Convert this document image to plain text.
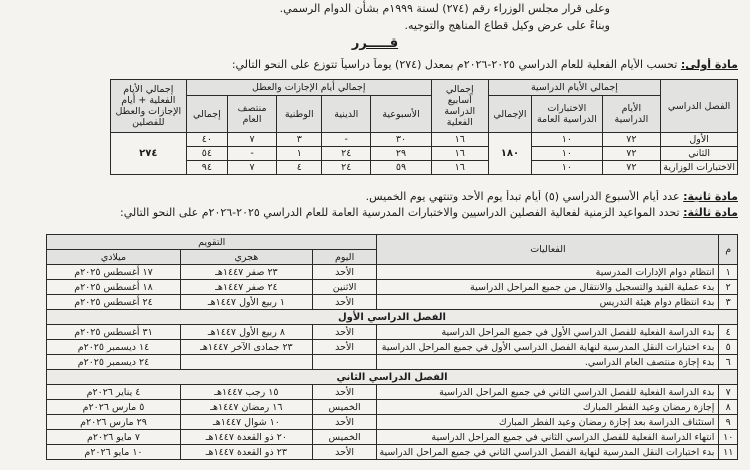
وعلى قرار مجلس الوزراء رقم (٢٧٤) لسنة ١٩٩٩م بشأن الدوام الرسمي.
وبناءً على عرض وكيل قطاع المناهج والتوجيه.
قـــــرر
مادة أولى: تحسب الأيام الفعلية للعام الدراسي ٢٠٢٥-٢٠٢٦م بمعدل (٢٧٤) يوماً دراسياً تتوزع على النحو التالي:
الفصل الدراسي	إجمالي الأيام الدراسية			إجمالي أسابيع الدراسة الفعلية	إجمالي أيام الإجازات والعطل					إجمالي الأيام الفعلية + أيام الإجازات والعطل للفصلين
	الأيام الدراسية	الاختبارات الدراسية العامة	الإجمالي		الأسبوعية	الدينية	الوطنية	منتصف العام	إجمالي	
الأول	٧٢	١٠	١٨٠	١٦	٣٠	-	٣	٧	٤٠	٢٧٤
الثاني	٧٢	١٠		١٦	٢٩	٢٤	١	-	٥٤	
الاختبارات الوزارية	٧٢	١٠		١٦	٥٩	٢٤	٤	٧	٩٤	
مادة ثانية: عدد أيام الأسبوع الدراسي (٥) أيام تبدأ يوم الأحد وتنتهي يوم الخميس.
مادة ثالثة: تحدد المواعيد الزمنية لفعالية الفصلين الدراسيين والاختبارات المدرسية العامة للعام الدراسي ٢٠٢٥-٢٠٢٦م على النحو التالي:
م	الفعاليات	التقويم		
		اليوم	هجري	ميلادي
١	انتظام دوام الإدارات المدرسية	الأحد	٢٣ صفر ١٤٤٧هـ	١٧ أغسطس ٢٠٢٥م
٢	بدء عملية القيد والتسجيل والانتقال من جميع المراحل الدراسية	الاثنين	٢٤ صفر ١٤٤٧هـ	١٨ أغسطس ٢٠٢٥م
٣	بدء انتظام دوام هيئة التدريس	الأحد	١ ربيع الأول ١٤٤٧هـ	٢٤ أغسطس ٢٠٢٥م
الفصل الدراسي الأول				
٤	بدء الدراسة الفعلية للفصل الدراسي الأول في جميع المراحل الدراسية	الأحد	٨ ربيع الأول ١٤٤٧هـ	٣١ أغسطس ٢٠٢٥م
٥	بدء اختبارات النقل المدرسية لنهاية الفصل الدراسي الأول في جميع المراحل الدراسية	الأحد	٢٣ جمادى الآخر ١٤٤٧هـ	١٤ ديسمبر ٢٠٢٥م
٦	بدء إجازة منتصف العام الدراسي.			٢٤ ديسمبر ٢٠٢٥م
الفصل الدراسي الثاني				
٧	بدء الدراسة الفعلية للفصل الدراسي الثاني في جميع المراحل الدراسية	الأحد	١٥ رجب ١٤٤٧هـ	٤ يناير ٢٠٢٦م
٨	إجازة رمضان وعيد الفطر المبارك	الخميس	١٦ رمضان ١٤٤٧هـ	٥ مارس ٢٠٢٦م
٩	استئناف الدراسة بعد إجازة رمضان وعيد الفطر المبارك	الأحد	١٠ شوال ١٤٤٧هـ	٢٩ مارس ٢٠٢٦م
١٠	انتهاء الدراسة الفعلية للفصل الدراسي الثاني في جميع المراحل الدراسية	الخميس	٢٠ ذو القعدة ١٤٤٧هـ	٧ مايو ٢٠٢٦م
١١	بدء اختبارات النقل المدرسية لنهاية الفصل الدراسي الثاني في جميع المراحل الدراسية	الأحد	٢٣ ذو القعدة ١٤٤٧هـ	١٠ مايو ٢٠٢٦م
